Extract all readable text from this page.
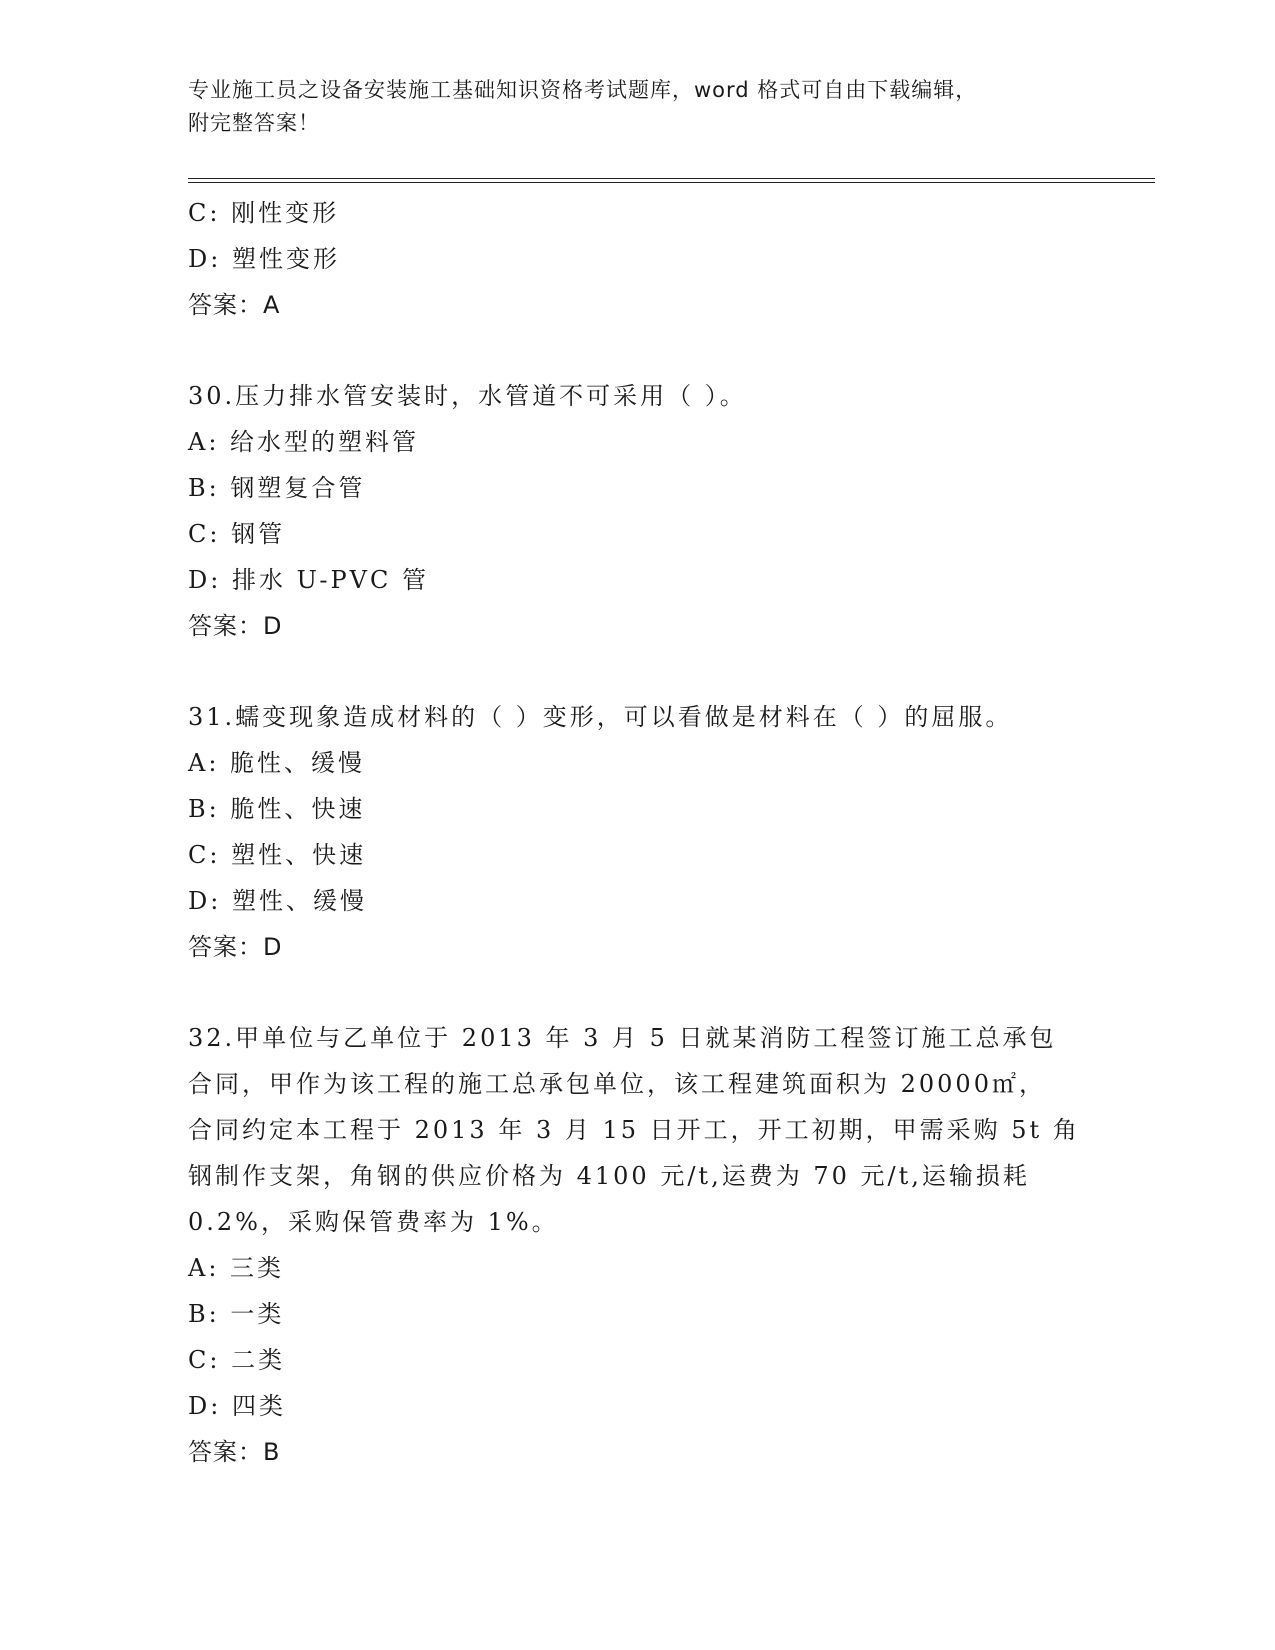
专业施工员之设备安装施工基础知识资格考试题库，word 格式可自由下载编辑，
附完整答案！
C: 刚性变形
D: 塑性变形
答案：A
30.压力排水管安装时，水管道不可采用（ ）。
A: 给水型的塑料管
B: 钢塑复合管
C: 钢管
D: 排水 U-PVC 管
答案：D
31.蠕变现象造成材料的（ ）变形，可以看做是材料在（ ）的屈服。
A: 脆性、缓慢
B: 脆性、快速
C: 塑性、快速
D: 塑性、缓慢
答案：D
32.甲单位与乙单位于 2013 年 3 月 5 日就某消防工程签订施工总承包
合同，甲作为该工程的施工总承包单位，该工程建筑面积为 20000㎡，
合同约定本工程于 2013 年 3 月 15 日开工，开工初期，甲需采购 5t 角
钢制作支架，角钢的供应价格为 4100 元/t,运费为 70 元/t,运输损耗
0.2%，采购保管费率为 1%。
A: 三类
B: 一类
C: 二类
D: 四类
答案：B
